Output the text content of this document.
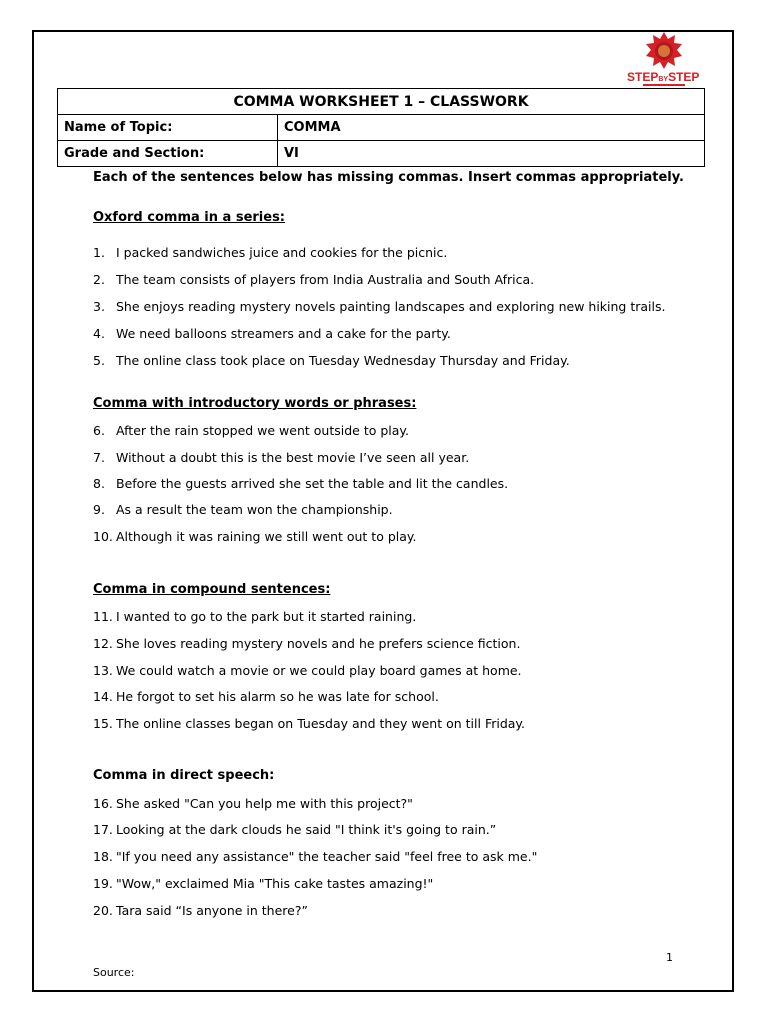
STEPBYSTEP
COMMA WORKSHEET 1 – CLASSWORK	
Name of Topic:	COMMA
Grade and Section:	VI
Each of the sentences below has missing commas. Insert commas appropriately.
Oxford comma in a series:
1. I packed sandwiches juice and cookies for the picnic.
2. The team consists of players from India Australia and South Africa.
3. She enjoys reading mystery novels painting landscapes and exploring new hiking trails.
4. We need balloons streamers and a cake for the party.
5. The online class took place on Tuesday Wednesday Thursday and Friday.
Comma with introductory words or phrases:
6. After the rain stopped we went outside to play.
7. Without a doubt this is the best movie I’ve seen all year.
8. Before the guests arrived she set the table and lit the candles.
9. As a result the team won the championship.
10. Although it was raining we still went out to play.
Comma in compound sentences:
11. I wanted to go to the park but it started raining.
12. She loves reading mystery novels and he prefers science fiction.
13. We could watch a movie or we could play board games at home.
14. He forgot to set his alarm so he was late for school.
15. The online classes began on Tuesday and they went on till Friday.
Comma in direct speech:
16. She asked "Can you help me with this project?"
17. Looking at the dark clouds he said "I think it's going to rain.”
18. "If you need any assistance" the teacher said "feel free to ask me."
19. "Wow," exclaimed Mia "This cake tastes amazing!"
20. Tara said “Is anyone in there?”
1
Source:
